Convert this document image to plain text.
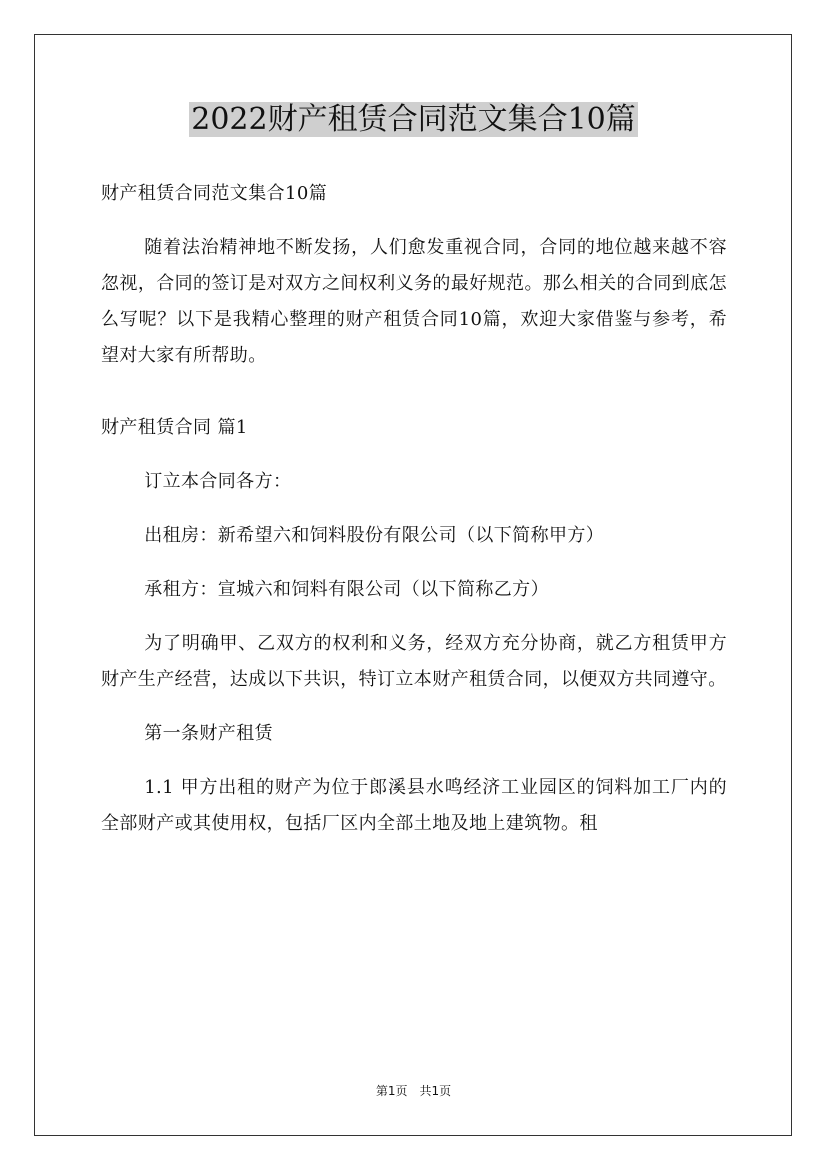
2022财产租赁合同范文集合10篇

财产租赁合同范文集合10篇

随着法治精神地不断发扬，人们愈发重视合同，合同的地位越来越不容忽视，合同的签订是对双方之间权利义务的最好规范。那么相关的合同到底怎么写呢？以下是我精心整理的财产租赁合同10篇，欢迎大家借鉴与参考，希望对大家有所帮助。

财产租赁合同 篇1

订立本合同各方：

出租房：新希望六和饲料股份有限公司（以下简称甲方）

承租方：宣城六和饲料有限公司（以下简称乙方）

为了明确甲、乙双方的权利和义务，经双方充分协商，就乙方租赁甲方财产生产经营，达成以下共识，特订立本财产租赁合同，以便双方共同遵守。

第一条财产租赁

1.1 甲方出租的财产为位于郎溪县水鸣经济工业园区的饲料加工厂内的全部财产或其使用权，包括厂区内全部土地及地上建筑物。租

第1页 共1页
